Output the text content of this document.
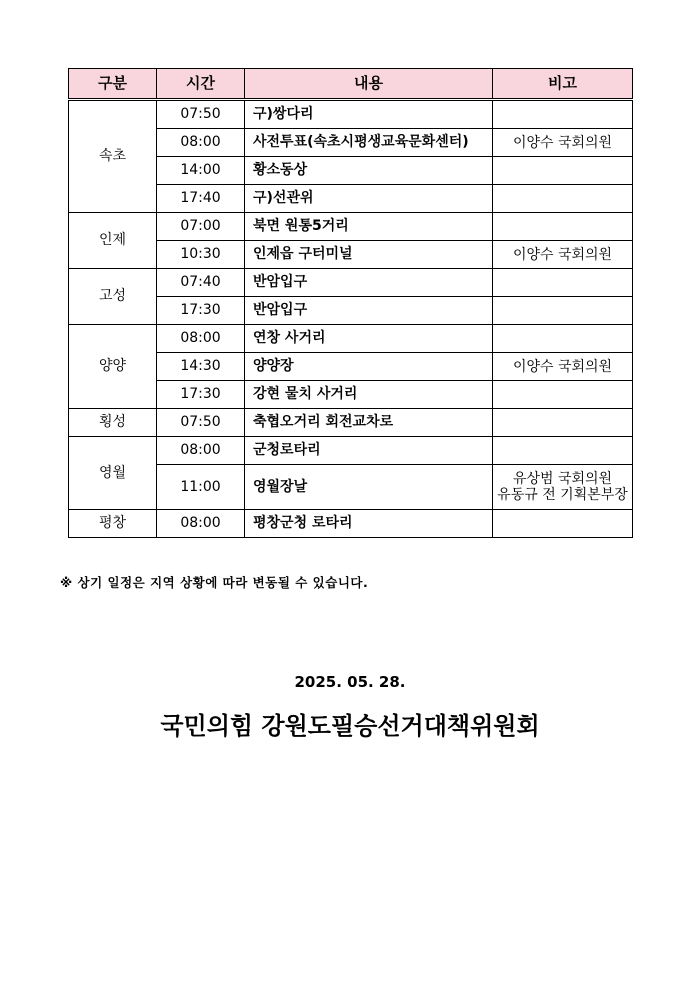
구분	시간	내용	비고
속초	07:50	구)쌍다리	
	08:00	사전투표(속초시평생교육문화센터)	이양수 국회의원

	14:00	황소동상	
	17:40	구)선관위	
인제	07:00	북면 원통5거리	
	10:30	인제읍 구터미널	이양수 국회의원

고성	07:40	반암입구	
	17:30	반암입구	
양양	08:00	연창 사거리	
	14:30	양양장	이양수 국회의원

	17:30	강현 물치 사거리	
횡성	07:50	축협오거리 회전교차로	
영월	08:00	군청로타리	
	11:00	영월장날	유상범 국회의원
유동규 전 기획본부장

평창	08:00	평창군청 로타리	
※ 상기 일정은 지역 상황에 따라 변동될 수 있습니다.
2025. 05. 28.
국민의힘 강원도필승선거대책위원회
